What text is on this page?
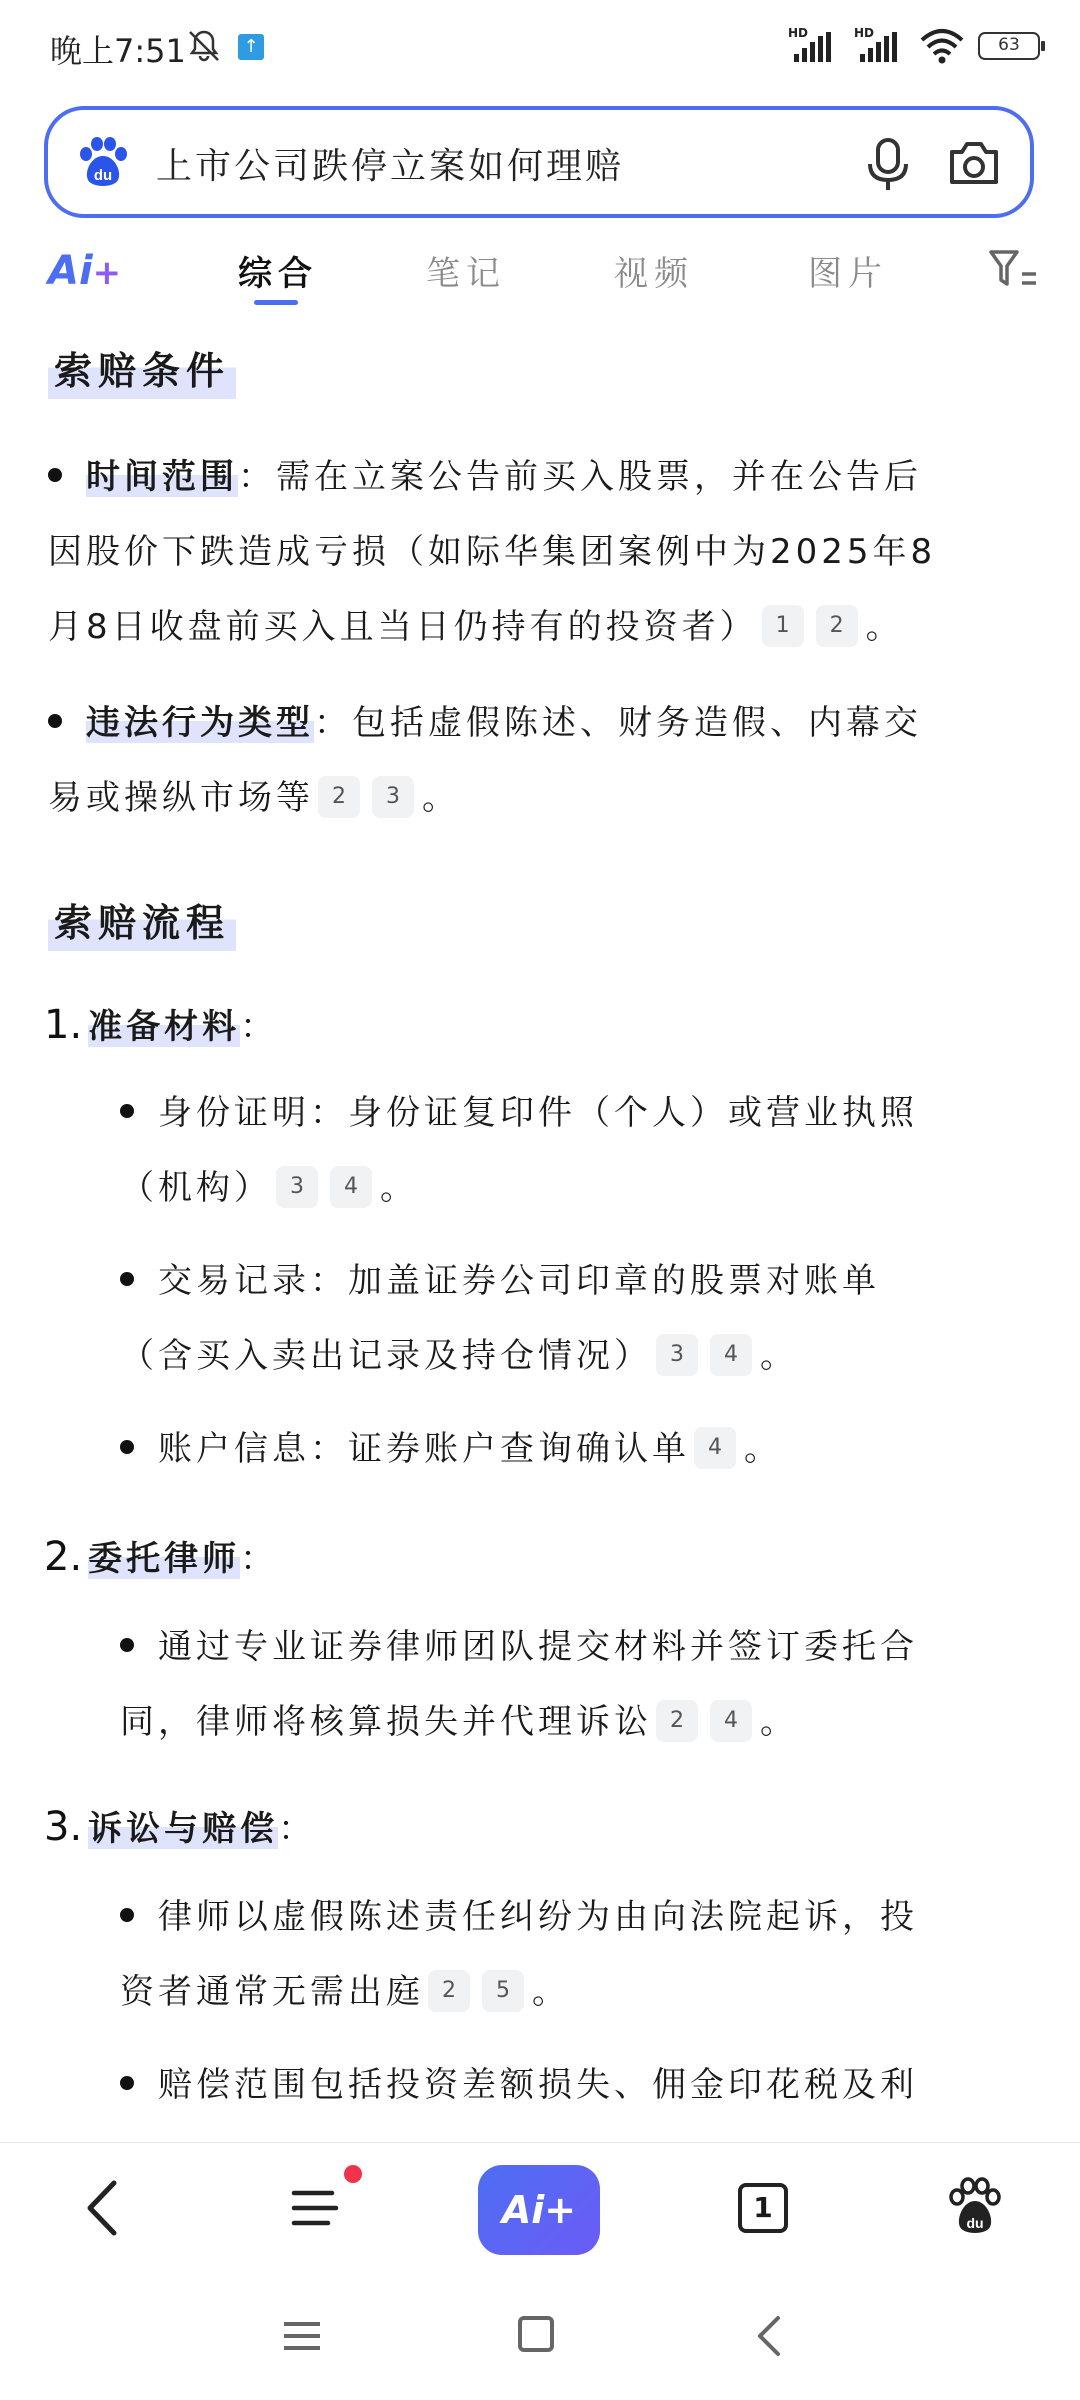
晚上7:51	↑
HD	HD
63
du
上市公司跌停立案如何理赔
Ai+	综合	笔记	视频	图片
索赔条件
时间范围：需在立案公告前买入股票，并在公告后
因股价下跌造成亏损（如际华集团案例中为2025年8
月8日收盘前买入且当日仍持有的投资者） 1 2 。
违法行为类型：包括虚假陈述、财务造假、内幕交
易或操纵市场等 2 3 。
索赔流程
1. 准备材料：
身份证明：身份证复印件（个人）或营业执照
（机构） 3 4 。
交易记录：加盖证券公司印章的股票对账单
（含买入卖出记录及持仓情况） 3 4 。
账户信息：证券账户查询确认单 4 。
2. 委托律师：
通过专业证券律师团队提交材料并签订委托合
同，律师将核算损失并代理诉讼 2 4 。
3. 诉讼与赔偿：
律师以虚假陈述责任纠纷为由向法院起诉，投
资者通常无需出庭 2 5 。
赔偿范围包括投资差额损失、佣金印花税及利
Ai+	1	du
